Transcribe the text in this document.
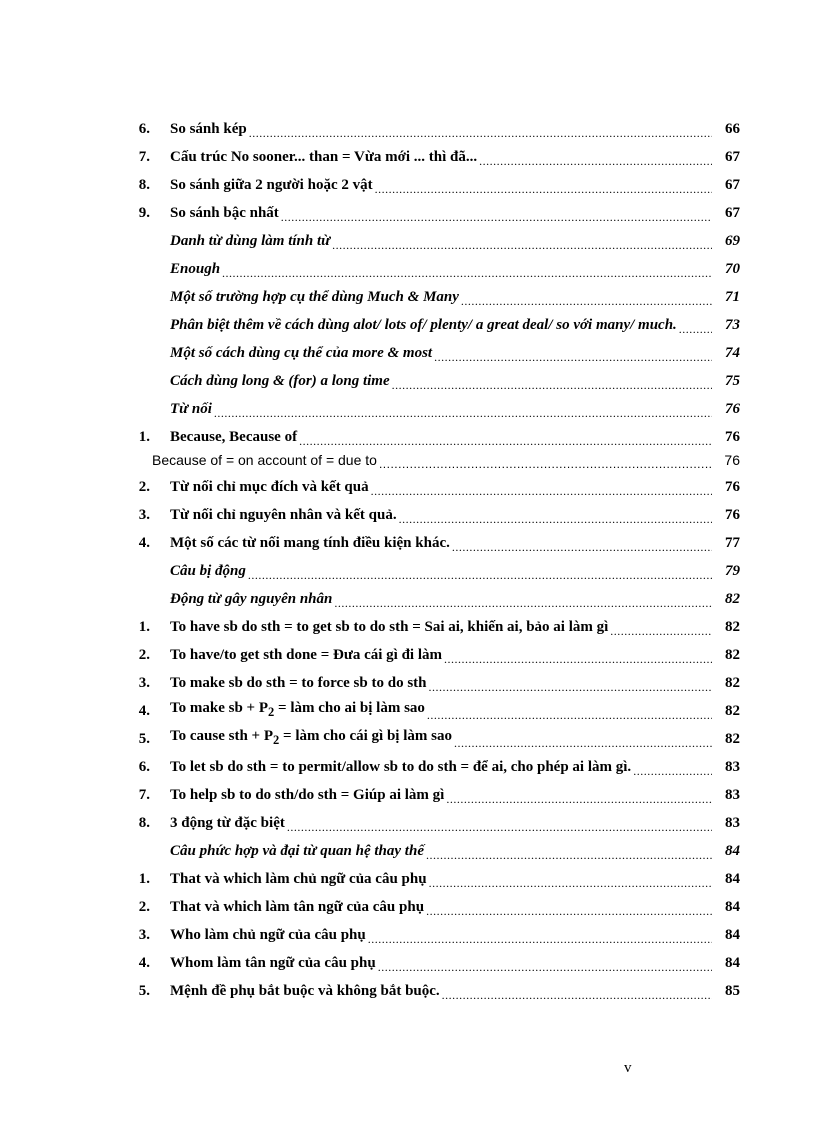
6.	So sánh kép .....	66
7.	Cấu trúc No sooner... than = Vừa mới ... thì đã... .....	67
8.	So sánh giữa 2 người hoặc 2 vật .....	67
9.	So sánh bậc nhất .....	67
Danh từ dùng làm tính từ .....	69
Enough .....	70
Một số trường hợp cụ thể dùng Much & Many .....	71
Phân biệt thêm về cách dùng alot/ lots of/ plenty/ a great deal/ so với many/ much. .....	73
Một số cách dùng cụ thể của more & most .....	74
Cách dùng long & (for) a long time .....	75
Từ nối .....	76
1.	Because, Because of .....	76
Because of = on account of = due to .....	76
2.	Từ nối chỉ mục đích và kết quả .....	76
3.	Từ nối chỉ nguyên nhân và kết quả. .....	76
4.	Một số các từ nối mang tính điều kiện khác. .....	77
Câu bị động .....	79
Động từ gây nguyên nhân .....	82
1.	To have sb do sth = to get sb to do sth = Sai ai, khiến ai, bảo ai làm gì .....	82
2.	To have/to get sth done = Đưa cái gì đi làm .....	82
3.	To make sb do sth = to force sb to do sth .....	82
4.	To make sb + $P_2$ = làm cho ai bị làm sao .....	82
5.	To cause sth + $P_2$ = làm cho cái gì bị làm sao .....	82
6.	To let sb do sth = to permit/allow sb to do sth = để ai, cho phép ai làm gì. .....	83
7.	To help sb to do sth/do sth = Giúp ai làm gì .....	83
8.	3 động từ đặc biệt .....	83
Câu phức hợp và đại từ quan hệ thay thế .....	84
1.	That và which làm chủ ngữ của câu phụ .....	84
2.	That và which làm tân ngữ của câu phụ .....	84
3.	Who làm chủ ngữ của câu phụ .....	84
4.	Whom làm tân ngữ của câu phụ .....	84
5.	Mệnh đề phụ bắt buộc và không bắt buộc. .....	85
v
